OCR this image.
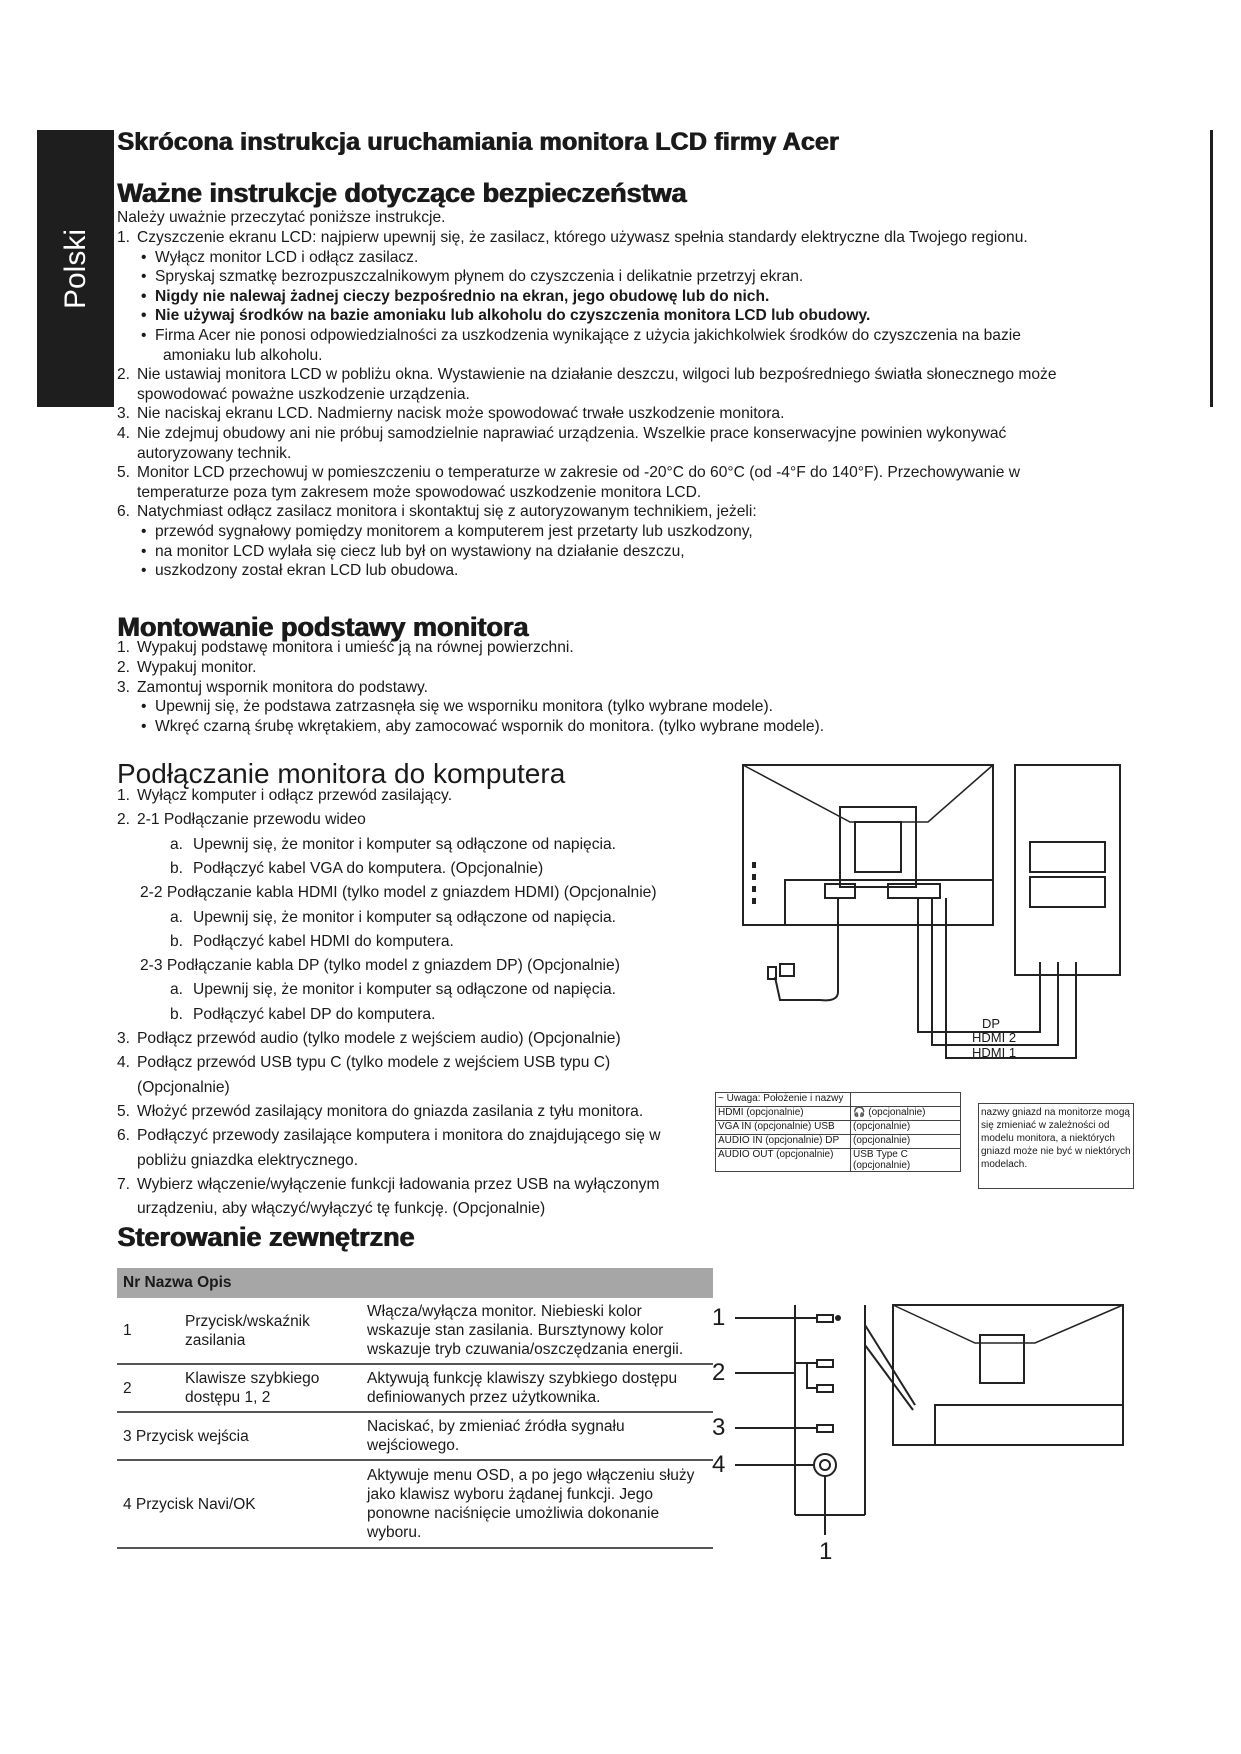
Polski
Skrócona instrukcja uruchamiania monitora LCD firmy Acer
Ważne instrukcje dotyczące bezpieczeństwa
Należy uważnie przeczytać poniższe instrukcje.
1. Czyszczenie ekranu LCD: najpierw upewnij się, że zasilacz, którego używasz spełnia standardy elektryczne dla Twojego regionu.
• Wyłącz monitor LCD i odłącz zasilacz.
• Spryskaj szmatkę bezrozpuszczalnikowym płynem do czyszczenia i delikatnie przetrzyj ekran.
• Nigdy nie nalewaj żadnej cieczy bezpośrednio na ekran, jego obudowę lub do nich.
• Nie używaj środków na bazie amoniaku lub alkoholu do czyszczenia monitora LCD lub obudowy.
• Firma Acer nie ponosi odpowiedzialności za uszkodzenia wynikające z użycia jakichkolwiek środków do czyszczenia na bazie
amoniaku lub alkoholu.
2. Nie ustawiaj monitora LCD w pobliżu okna. Wystawienie na działanie deszczu, wilgoci lub bezpośredniego światła słonecznego może
spowodować poważne uszkodzenie urządzenia.
3. Nie naciskaj ekranu LCD. Nadmierny nacisk może spowodować trwałe uszkodzenie monitora.
4. Nie zdejmuj obudowy ani nie próbuj samodzielnie naprawiać urządzenia. Wszelkie prace konserwacyjne powinien wykonywać
autoryzowany technik.
5. Monitor LCD przechowuj w pomieszczeniu o temperaturze w zakresie od -20°C do 60°C (od -4°F do 140°F). Przechowywanie w
temperaturze poza tym zakresem może spowodować uszkodzenie monitora LCD.
6. Natychmiast odłącz zasilacz monitora i skontaktuj się z autoryzowanym technikiem, jeżeli:
• przewód sygnałowy pomiędzy monitorem a komputerem jest przetarty lub uszkodzony,
• na monitor LCD wylała się ciecz lub był on wystawiony na działanie deszczu,
• uszkodzony został ekran LCD lub obudowa.
Montowanie podstawy monitora
1. Wypakuj podstawę monitora i umieść ją na równej powierzchni.
2. Wypakuj monitor.
3. Zamontuj wspornik monitora do podstawy.
• Upewnij się, że podstawa zatrzasnęła się we wsporniku monitora (tylko wybrane modele).
• Wkręć czarną śrubę wkrętakiem, aby zamocować wspornik do monitora. (tylko wybrane modele).
Podłączanie monitora do komputera
1. Wyłącz komputer i odłącz przewód zasilający.
2. 2-1 Podłączanie przewodu wideo
a. Upewnij się, że monitor i komputer są odłączone od napięcia.
b. Podłączyć kabel VGA do komputera. (Opcjonalnie)
2-2 Podłączanie kabla HDMI (tylko model z gniazdem HDMI) (Opcjonalnie)
a. Upewnij się, że monitor i komputer są odłączone od napięcia.
b. Podłączyć kabel HDMI do komputera.
2-3 Podłączanie kabla DP (tylko model z gniazdem DP) (Opcjonalnie)
a. Upewnij się, że monitor i komputer są odłączone od napięcia.
b. Podłączyć kabel DP do komputera.
3. Podłącz przewód audio (tylko modele z wejściem audio) (Opcjonalnie)
4. Podłącz przewód USB typu C (tylko modele z wejściem USB typu C)
(Opcjonalnie)
5. Włożyć przewód zasilający monitora do gniazda zasilania z tyłu monitora.
6. Podłączyć przewody zasilające komputera i monitora do znajdującego się w
pobliżu gniazdka elektrycznego.
7. Wybierz włączenie/wyłączenie funkcji ładowania przez USB na wyłączonym
urządzeniu, aby włączyć/wyłączyć tę funkcję. (Opcjonalnie)
DP
HDMI 2
HDMI 1
~ Uwaga: Położenie i nazwy	
HDMI (opcjonalnie)	🎧 (opcjonalnie)
VGA IN (opcjonalnie) USB	(opcjonalnie)
AUDIO IN (opcjonalnie) DP	(opcjonalnie)
AUDIO OUT (opcjonalnie)	USB Type C (opcjonalnie)
nazwy gniazd na monitorze mogą się zmieniać w zależności od modelu monitora, a niektórych gniazd może nie być w niektórych modelach.
Sterowanie zewnętrzne
Nr Nazwa Opis		
1	Przycisk/wskaźnik zasilania	Włącza/wyłącza monitor. Niebieski kolor wskazuje stan zasilania. Bursztynowy kolor wskazuje tryb czuwania/oszczędzania energii.
2	Klawisze szybkiego dostępu 1, 2	Aktywują funkcję klawiszy szybkiego dostępu definiowanych przez użytkownika.
3 Przycisk wejścia		Naciskać, by zmieniać źródła sygnału wejściowego.
4 Przycisk Navi/OK		Aktywuje menu OSD, a po jego włączeniu służy jako klawisz wyboru żądanej funkcji. Jego ponowne naciśnięcie umożliwia dokonanie wyboru.
1
2
3
4
1
